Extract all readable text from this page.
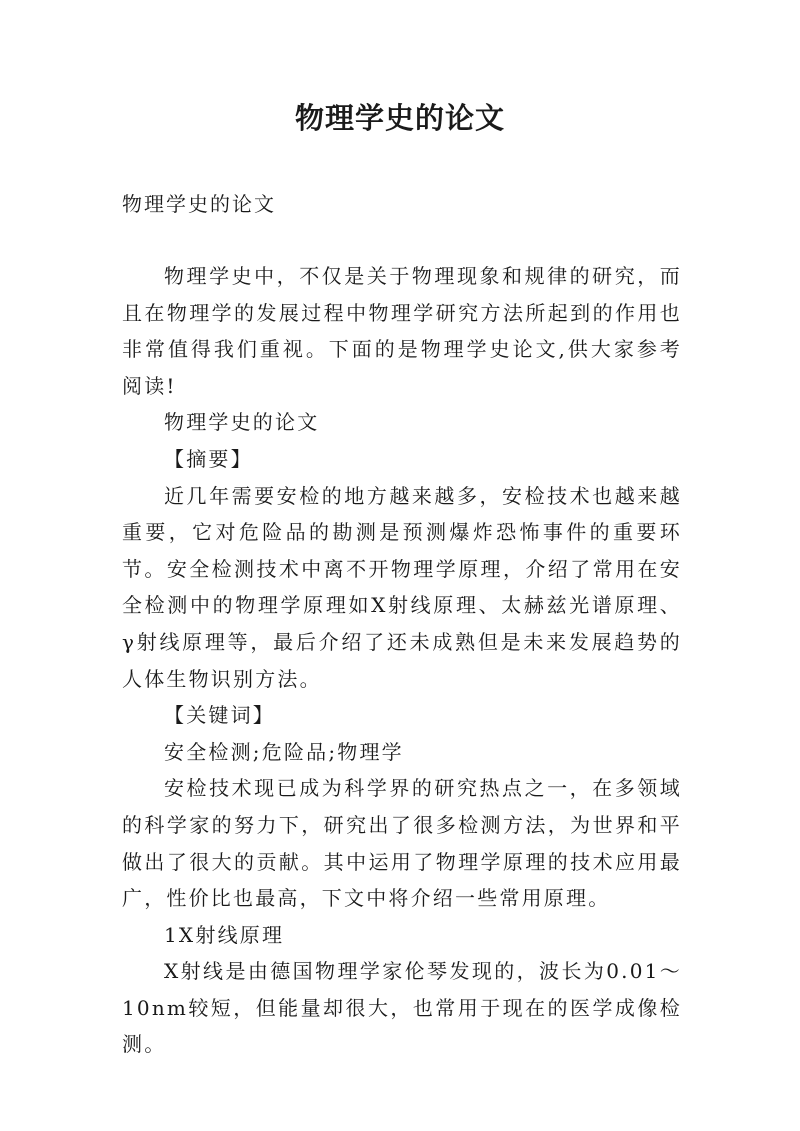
物理学史的论文
物理学史的论文

物理学史中，不仅是关于物理现象和规律的研究，而且在物理学的发展过程中物理学研究方法所起到的作用也非常值得我们重视。下面的是物理学史论文,供大家参考阅读!

物理学史的论文

【摘要】

近几年需要安检的地方越来越多，安检技术也越来越重要，它对危险品的勘测是预测爆炸恐怖事件的重要环节。安全检测技术中离不开物理学原理，介绍了常用在安全检测中的物理学原理如X射线原理、太赫兹光谱原理、γ射线原理等，最后介绍了还未成熟但是未来发展趋势的人体生物识别方法。

【关键词】

安全检测;危险品;物理学

安检技术现已成为科学界的研究热点之一，在多领域的科学家的努力下，研究出了很多检测方法，为世界和平做出了很大的贡献。其中运用了物理学原理的技术应用最广，性价比也最高，下文中将介绍一些常用原理。

1X射线原理

X射线是由德国物理学家伦琴发现的，波长为0.01～10nm较短，但能量却很大，也常用于现在的医学成像检测。
